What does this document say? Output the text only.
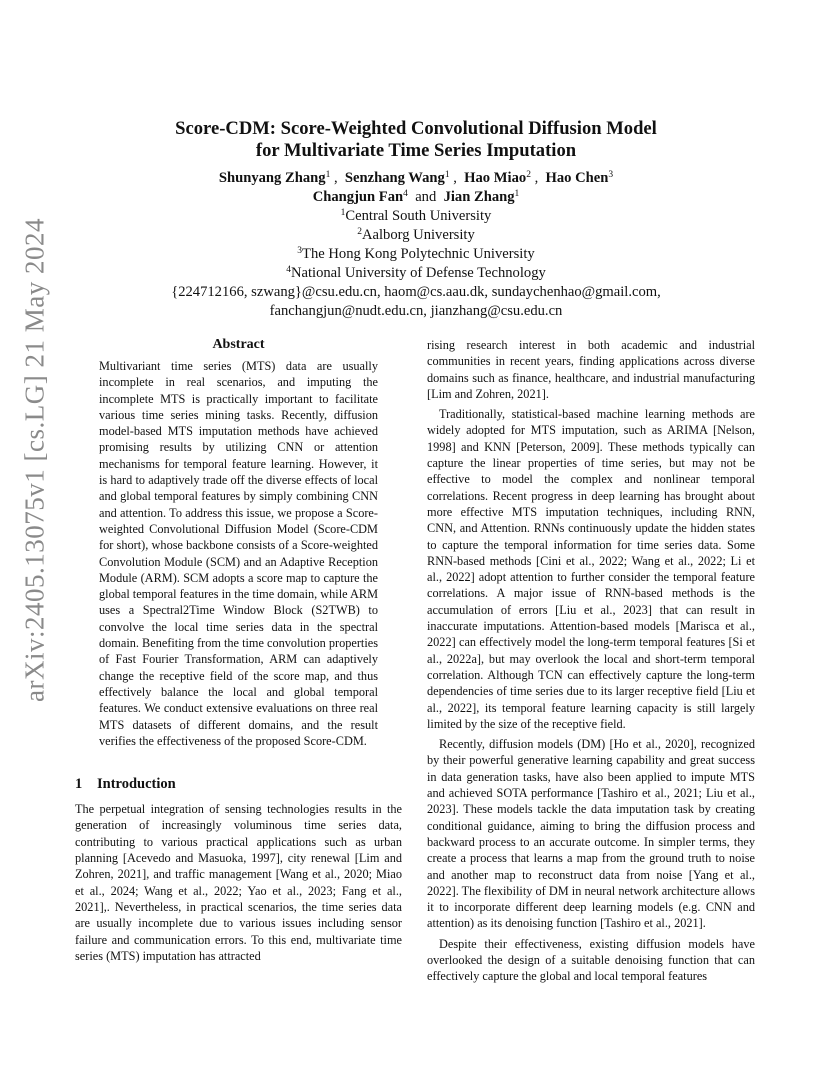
arXiv:2405.13075v1 [cs.LG] 21 May 2024
Score-CDM: Score-Weighted Convolutional Diffusion Model
for Multivariate Time Series Imputation
Shunyang Zhang$^1$ ,  Senzhang Wang$^1$ ,  Hao Miao$^2$ ,  Hao Chen$^3$
Changjun Fan$^4$ and Jian Zhang$^1$
$^1$Central South University
$^2$Aalborg University
$^3$The Hong Kong Polytechnic University
$^4$National University of Defense Technology
{224712166, szwang}@csu.edu.cn, haom@cs.aau.dk, sundaychenhao@gmail.com,
fanchangjun@nudt.edu.cn, jianzhang@csu.edu.cn
Abstract

Multivariant time series (MTS) data are usually incomplete in real scenarios, and imputing the incomplete MTS is practically important to facilitate various time series mining tasks. Recently, diffusion model-based MTS imputation methods have achieved promising results by utilizing CNN or attention mechanisms for temporal feature learning. However, it is hard to adaptively trade off the diverse effects of local and global temporal features by simply combining CNN and attention. To address this issue, we propose a Score-weighted Convolutional Diffusion Model (Score-CDM for short), whose backbone consists of a Score-weighted Convolution Module (SCM) and an Adaptive Reception Module (ARM). SCM adopts a score map to capture the global temporal features in the time domain, while ARM uses a Spectral2Time Window Block (S2TWB) to convolve the local time series data in the spectral domain. Benefiting from the time convolution properties of Fast Fourier Transformation, ARM can adaptively change the receptive field of the score map, and thus effectively balance the local and global temporal features. We conduct extensive evaluations on three real MTS datasets of different domains, and the result verifies the effectiveness of the proposed Score-CDM.

1 Introduction

The perpetual integration of sensing technologies results in the generation of increasingly voluminous time series data, contributing to various practical applications such as urban planning [Acevedo and Masuoka, 1997], city renewal [Lim and Zohren, 2021], and traffic management [Wang et al., 2020; Miao et al., 2024; Wang et al., 2022; Yao et al., 2023; Fang et al., 2021],. Nevertheless, in practical scenarios, the time series data are usually incomplete due to various issues including sensor failure and communication errors. To this end, multivariate time series (MTS) imputation has attracted

rising research interest in both academic and industrial communities in recent years, finding applications across diverse domains such as finance, healthcare, and industrial manufacturing [Lim and Zohren, 2021].

Traditionally, statistical-based machine learning methods are widely adopted for MTS imputation, such as ARIMA [Nelson, 1998] and KNN [Peterson, 2009]. These methods typically can capture the linear properties of time series, but may not be effective to model the complex and nonlinear temporal correlations. Recent progress in deep learning has brought about more effective MTS imputation techniques, including RNN, CNN, and Attention. RNNs continuously update the hidden states to capture the temporal information for time series data. Some RNN-based methods [Cini et al., 2022; Wang et al., 2022; Li et al., 2022] adopt attention to further consider the temporal feature correlations. A major issue of RNN-based methods is the accumulation of errors [Liu et al., 2023] that can result in inaccurate imputations. Attention-based models [Marisca et al., 2022] can effectively model the long-term temporal features [Si et al., 2022a], but may overlook the local and short-term temporal correlation. Although TCN can effectively capture the long-term dependencies of time series due to its larger receptive field [Liu et al., 2022], its temporal feature learning capacity is still largely limited by the size of the receptive field.

Recently, diffusion models (DM) [Ho et al., 2020], recognized by their powerful generative learning capability and great success in data generation tasks, have also been applied to impute MTS and achieved SOTA performance [Tashiro et al., 2021; Liu et al., 2023]. These models tackle the data imputation task by creating conditional guidance, aiming to bring the diffusion process and backward process to an accurate outcome. In simpler terms, they create a process that learns a map from the ground truth to noise and another map to reconstruct data from noise [Yang et al., 2022]. The flexibility of DM in neural network architecture allows it to incorporate different deep learning models (e.g. CNN and attention) as its denoising function [Tashiro et al., 2021].

Despite their effectiveness, existing diffusion models have overlooked the design of a suitable denoising function that can effectively capture the global and local temporal features
